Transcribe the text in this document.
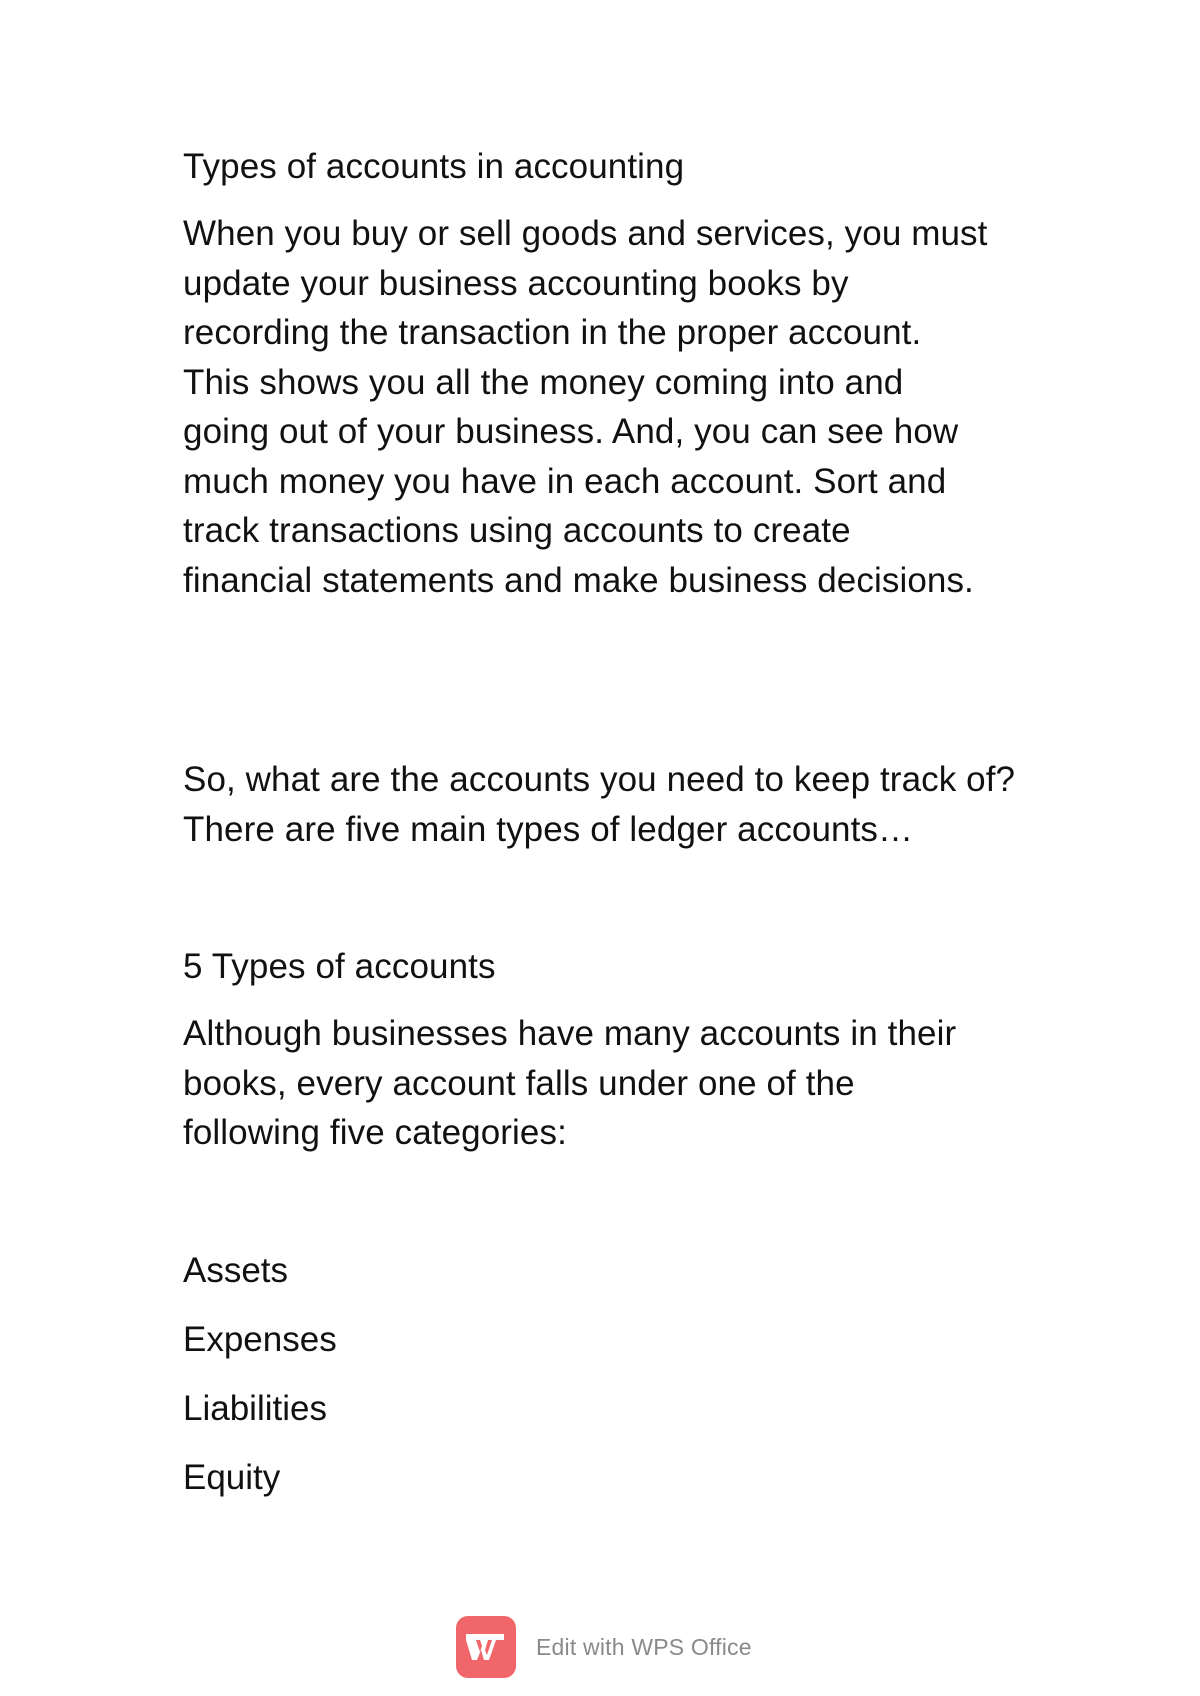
Types of accounts in accounting

When you buy or sell goods and services, you must
update your business accounting books by
recording the transaction in the proper account.
This shows you all the money coming into and
going out of your business. And, you can see how
much money you have in each account. Sort and
track transactions using accounts to create
financial statements and make business decisions.

So, what are the accounts you need to keep track of?
There are five main types of ledger accounts…

5 Types of accounts

Although businesses have many accounts in their
books, every account falls under one of the
following five categories:

Assets
Expenses
Liabilities
Equity
Edit with WPS Office
